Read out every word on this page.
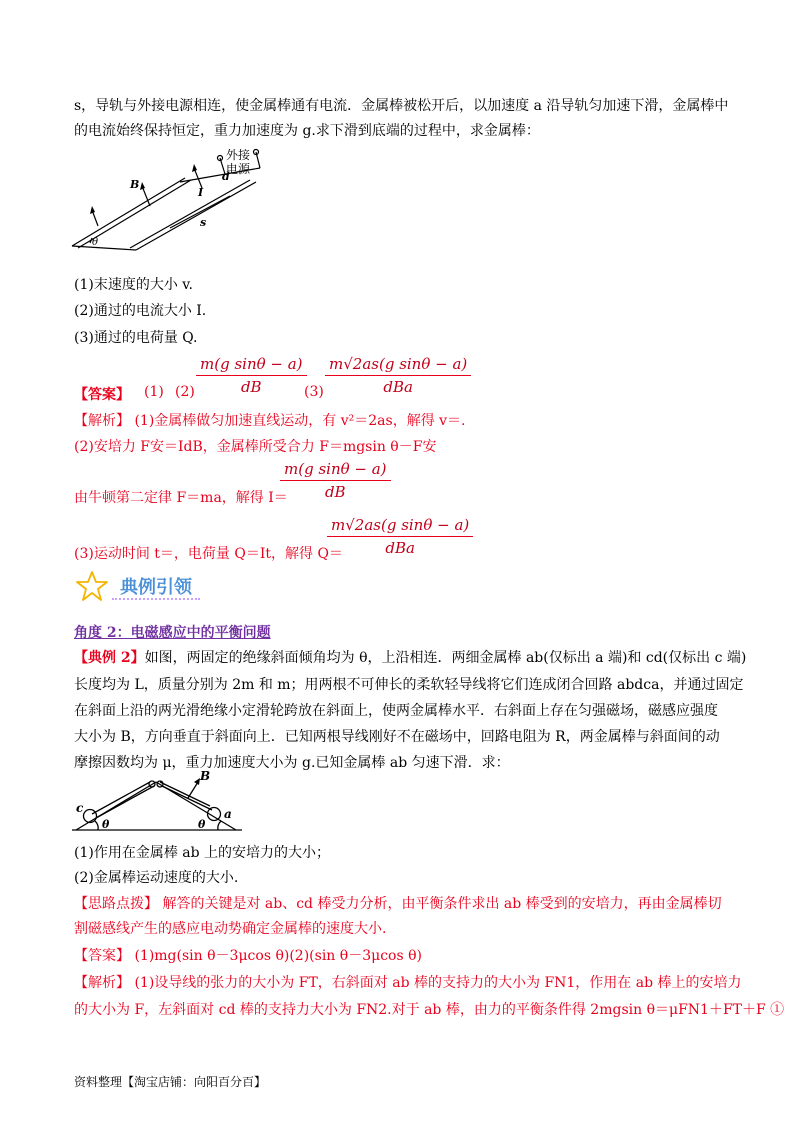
s，导轨与外接电源相连，使金属棒通有电流．金属棒被松开后，以加速度 a 沿导轨匀加速下滑，金属棒中
的电流始终保持恒定，重力加速度为 g.求下滑到底端的过程中，求金属棒：
B
I
d
s
θ
外接
电源
(1)末速度的大小 v.
(2)通过的电流大小 I.
(3)通过的电荷量 Q.
【答案】 (1) $(2) \frac{\text{m(g sinθ − a)}}{dB}$
(3)
m√2as(g sinθ − a)
dBa
【解析】 (1)金属棒做匀加速直线运动，有 v²＝2as，解得 v＝.
(2)安培力 F安＝IdB，金属棒所受合力 F＝mgsin θ－F安
$\frac{\text{m(g sinθ − a)}}{dB}$
由牛顿第二定律 F＝ma，解得 I＝
m√2as(g sinθ − a)
dBa
(3)运动时间 t＝，电荷量 Q＝It，解得 Q＝
典例引领
角度 2：电磁感应中的平衡问题
【典例 2】如图，两固定的绝缘斜面倾角均为 θ，上沿相连．两细金属棒 ab(仅标出 a 端)和 cd(仅标出 c 端)
长度均为 L，质量分别为 2m 和 m；用两根不可伸长的柔软轻导线将它们连成闭合回路 abdca，并通过固定
在斜面上沿的两光滑绝缘小定滑轮跨放在斜面上，使两金属棒水平．右斜面上存在匀强磁场，磁感应强度
大小为 B，方向垂直于斜面向上．已知两根导线刚好不在磁场中，回路电阻为 R，两金属棒与斜面间的动
摩擦因数均为 μ，重力加速度大小为 g.已知金属棒 ab 匀速下滑．求：
B
c	a
θ	θ
(1)作用在金属棒 ab 上的安培力的大小；
(2)金属棒运动速度的大小.
【思路点拨】 解答的关键是对 ab、cd 棒受力分析，由平衡条件求出 ab 棒受到的安培力，再由金属棒切
割磁感线产生的感应电动势确定金属棒的速度大小.
【答案】 (1)mg(sin θ－3μcos θ)(2)(sin θ－3μcos θ)
【解析】 (1)设导线的张力的大小为 FT，右斜面对 ab 棒的支持力的大小为 FN1，作用在 ab 棒上的安培力
的大小为 F，左斜面对 cd 棒的支持力大小为 FN2.对于 ab 棒，由力的平衡条件得 2mgsin θ＝μFN1＋FT＋F ①
资料整理【淘宝店铺：向阳百分百】
